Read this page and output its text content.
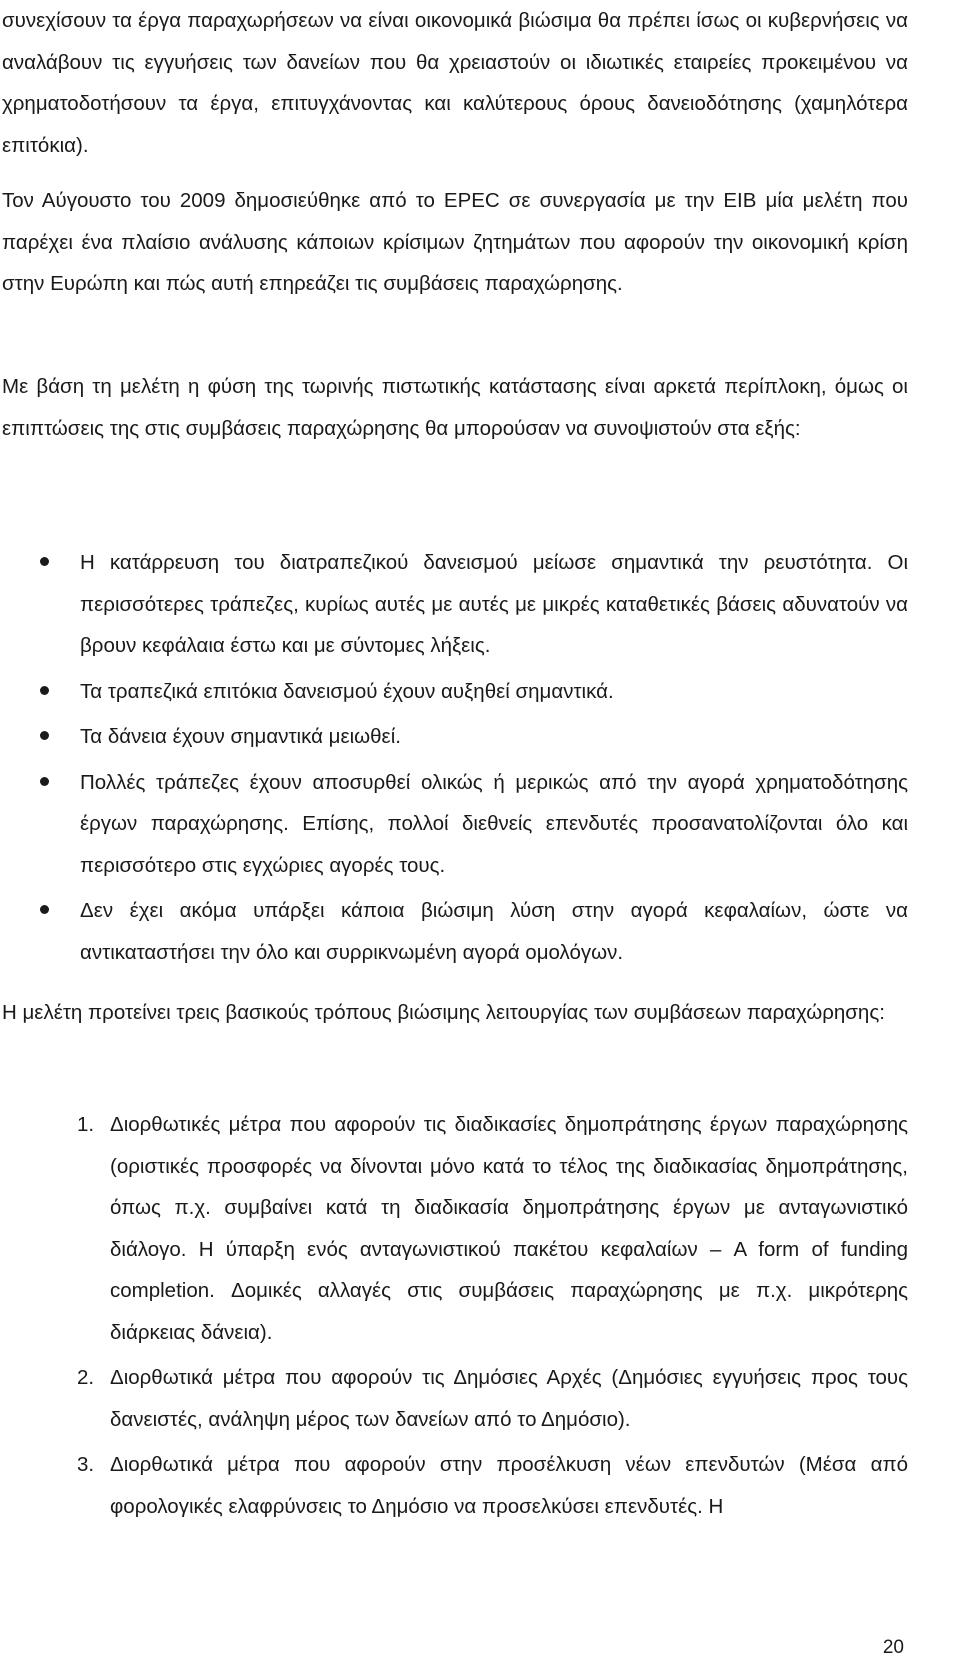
συνεχίσουν τα έργα παραχωρήσεων να είναι οικονομικά βιώσιμα θα πρέπει ίσως οι κυβερνήσεις να αναλάβουν τις εγγυήσεις των δανείων που θα χρειαστούν οι ιδιωτικές εταιρείες προκειμένου να χρηματοδοτήσουν τα έργα, επιτυγχάνοντας και καλύτερους όρους δανειοδότησης (χαμηλότερα επιτόκια).

Τον Αύγουστο του 2009 δημοσιεύθηκε από το EPEC σε συνεργασία με την EIB μία μελέτη που παρέχει ένα πλαίσιο ανάλυσης κάποιων κρίσιμων ζητημάτων που αφορούν την οικονομική κρίση στην Ευρώπη και πώς αυτή επηρεάζει τις συμβάσεις παραχώρησης.

Με βάση τη μελέτη η φύση της τωρινής πιστωτικής κατάστασης είναι αρκετά περίπλοκη, όμως οι επιπτώσεις της στις συμβάσεις παραχώρησης θα μπορούσαν να συνοψιστούν στα εξής:

Η κατάρρευση του διατραπεζικού δανεισμού μείωσε σημαντικά την ρευστότητα. Οι περισσότερες τράπεζες, κυρίως αυτές με αυτές με μικρές καταθετικές βάσεις αδυνατούν να βρουν κεφάλαια έστω και με σύντομες λήξεις.
Τα τραπεζικά επιτόκια δανεισμού έχουν αυξηθεί σημαντικά.
Τα δάνεια έχουν σημαντικά μειωθεί.
Πολλές τράπεζες έχουν αποσυρθεί ολικώς ή μερικώς από την αγορά χρηματοδότησης έργων παραχώρησης. Επίσης, πολλοί διεθνείς επενδυτές προσανατολίζονται όλο και περισσότερο στις εγχώριες αγορές τους.
Δεν έχει ακόμα υπάρξει κάποια βιώσιμη λύση στην αγορά κεφαλαίων, ώστε να αντικαταστήσει την όλο και συρρικνωμένη αγορά ομολόγων.

Η μελέτη προτείνει τρεις βασικούς τρόπους βιώσιμης λειτουργίας των συμβάσεων παραχώρησης:

1. Διορθωτικές μέτρα που αφορούν τις διαδικασίες δημοπράτησης έργων παραχώρησης (οριστικές προσφορές να δίνονται μόνο κατά το τέλος της διαδικασίας δημοπράτησης, όπως π.χ. συμβαίνει κατά τη διαδικασία δημοπράτησης έργων με ανταγωνιστικό διάλογο. Η ύπαρξη ενός ανταγωνιστικού πακέτου κεφαλαίων – A form of funding completion. Δομικές αλλαγές στις συμβάσεις παραχώρησης με π.χ. μικρότερης διάρκειας δάνεια).
2. Διορθωτικά μέτρα που αφορούν τις Δημόσιες Αρχές (Δημόσιες εγγυήσεις προς τους δανειστές, ανάληψη μέρος των δανείων από το Δημόσιο).
3. Διορθωτικά μέτρα που αφορούν στην προσέλκυση νέων επενδυτών (Μέσα από φορολογικές ελαφρύνσεις το Δημόσιο να προσελκύσει επενδυτές. Η
20
